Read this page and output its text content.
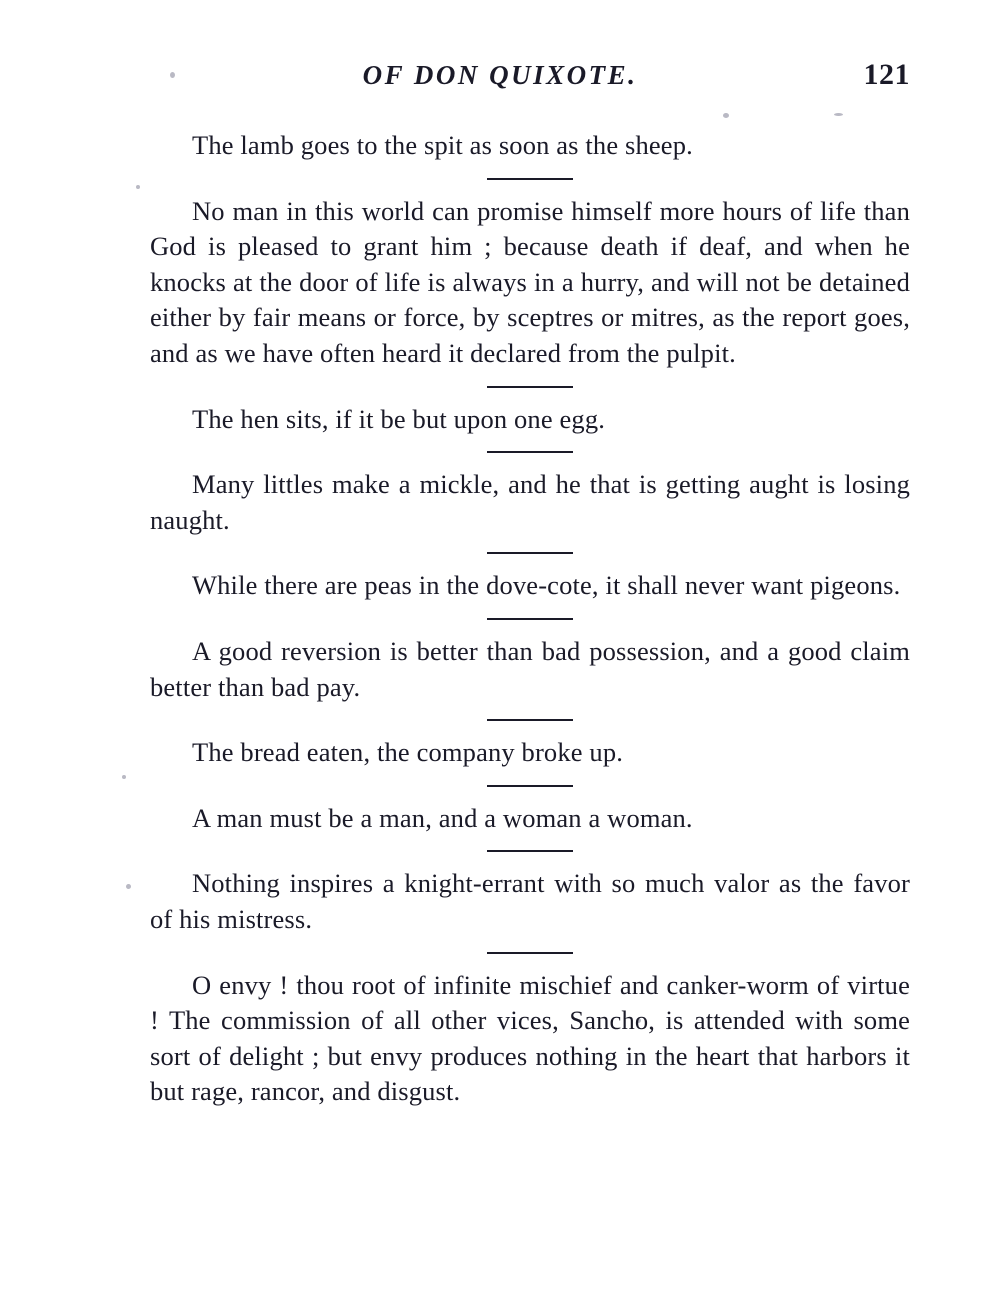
OF DON QUIXOTE.	121

The lamb goes to the spit as soon as the sheep.

No man in this world can promise himself more hours of life than God is pleased to grant him ; because death if deaf, and when he knocks at the door of life is always in a hurry, and will not be detained either by fair means or force, by sceptres or mitres, as the report goes, and as we have often heard it declared from the pulpit.

The hen sits, if it be but upon one egg.

Many littles make a mickle, and he that is getting aught is losing naught.

While there are peas in the dove-cote, it shall never want pigeons.

A good reversion is better than bad possession, and a good claim better than bad pay.

The bread eaten, the company broke up.

A man must be a man, and a woman a woman.

Nothing inspires a knight-errant with so much valor as the favor of his mistress.

O envy ! thou root of infinite mischief and canker-worm of virtue ! The commission of all other vices, Sancho, is attended with some sort of delight ; but envy produces nothing in the heart that harbors it but rage, rancor, and disgust.
